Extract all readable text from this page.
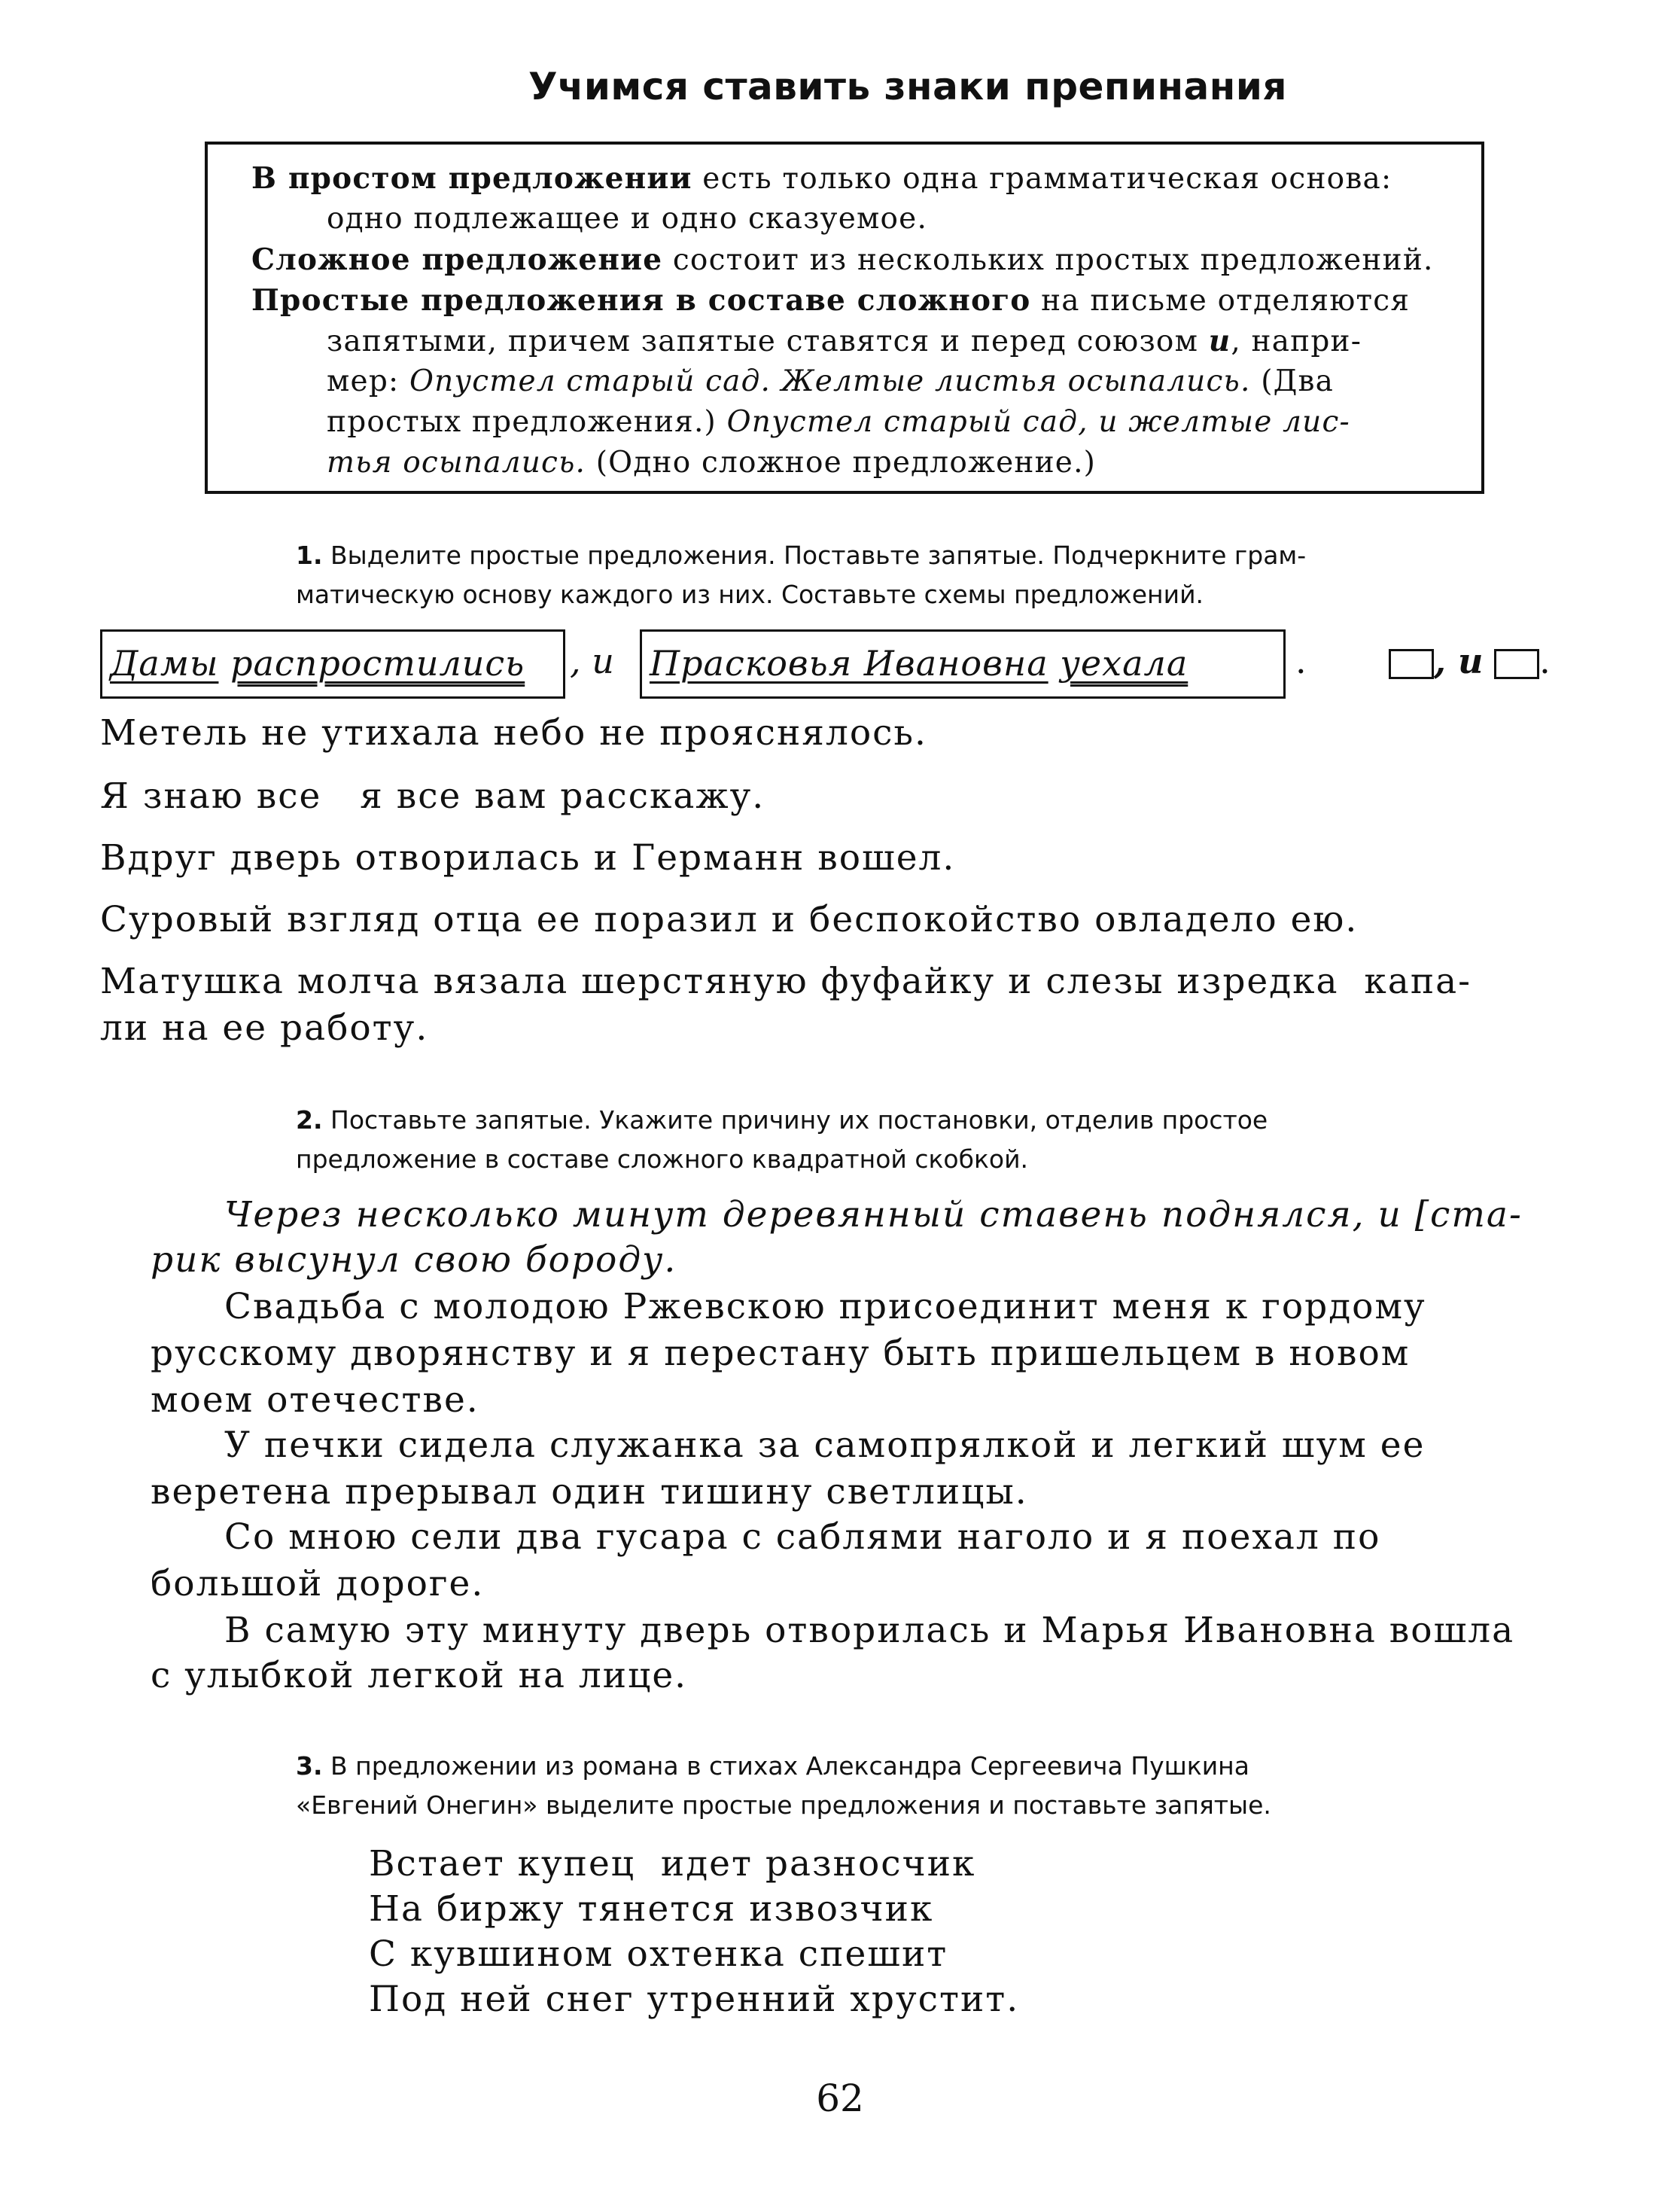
Учимся ставить знаки препинания
В простом предложении есть только одна грамматическая основа:
одно подлежащее и одно сказуемое.
Сложное предложение состоит из нескольких простых предложений.
Простые предложения в составе сложного на письме отделяются
запятыми, причем запятые ставятся и перед союзом и, напри-
мер: Опустел старый сад. Желтые листья осыпались. (Два
простых предложения.) Опустел старый сад, и желтые лис-
тья осыпались. (Одно сложное предложение.)
1. Выделите простые предложения. Поставьте запятые. Подчеркните грам-
матическую основу каждого из них. Составьте схемы предложений.
Дамы распростились	, и Прасковья Ивановна уехала	.	, и .
Метель не утихала небо не прояснялось.
Я знаю все   я все вам расскажу.
Вдруг дверь отворилась и Германн вошел.
Суровый взгляд отца ее поразил и беспокойство овладело ею.
Матушка молча вязала шерстяную фуфайку и слезы изредка  капа-
ли на ее работу.
2. Поставьте запятые. Укажите причину их постановки, отделив простое
предложение в составе сложного квадратной скобкой.
Через несколько минут деревянный ставень поднялся, и [ста-
рик высунул свою бороду.
Свадьба с молодою Ржевскою присоединит меня к гордому
русскому дворянству и я перестану быть пришельцем в новом
моем отечестве.
У печки сидела служанка за самопрялкой и легкий шум ее
веретена прерывал один тишину светлицы.
Со мною сели два гусара с саблями наголо и я поехал по
большой дороге.
В самую эту минуту дверь отворилась и Марья Ивановна вошла
с улыбкой легкой на лице.
3. В предложении из романа в стихах Александра Сергеевича Пушкина
«Евгений Онегин» выделите простые предложения и поставьте запятые.
Встает купец  идет разносчик
На биржу тянется извозчик
С кувшином охтенка спешит
Под ней снег утренний хрустит.
62
